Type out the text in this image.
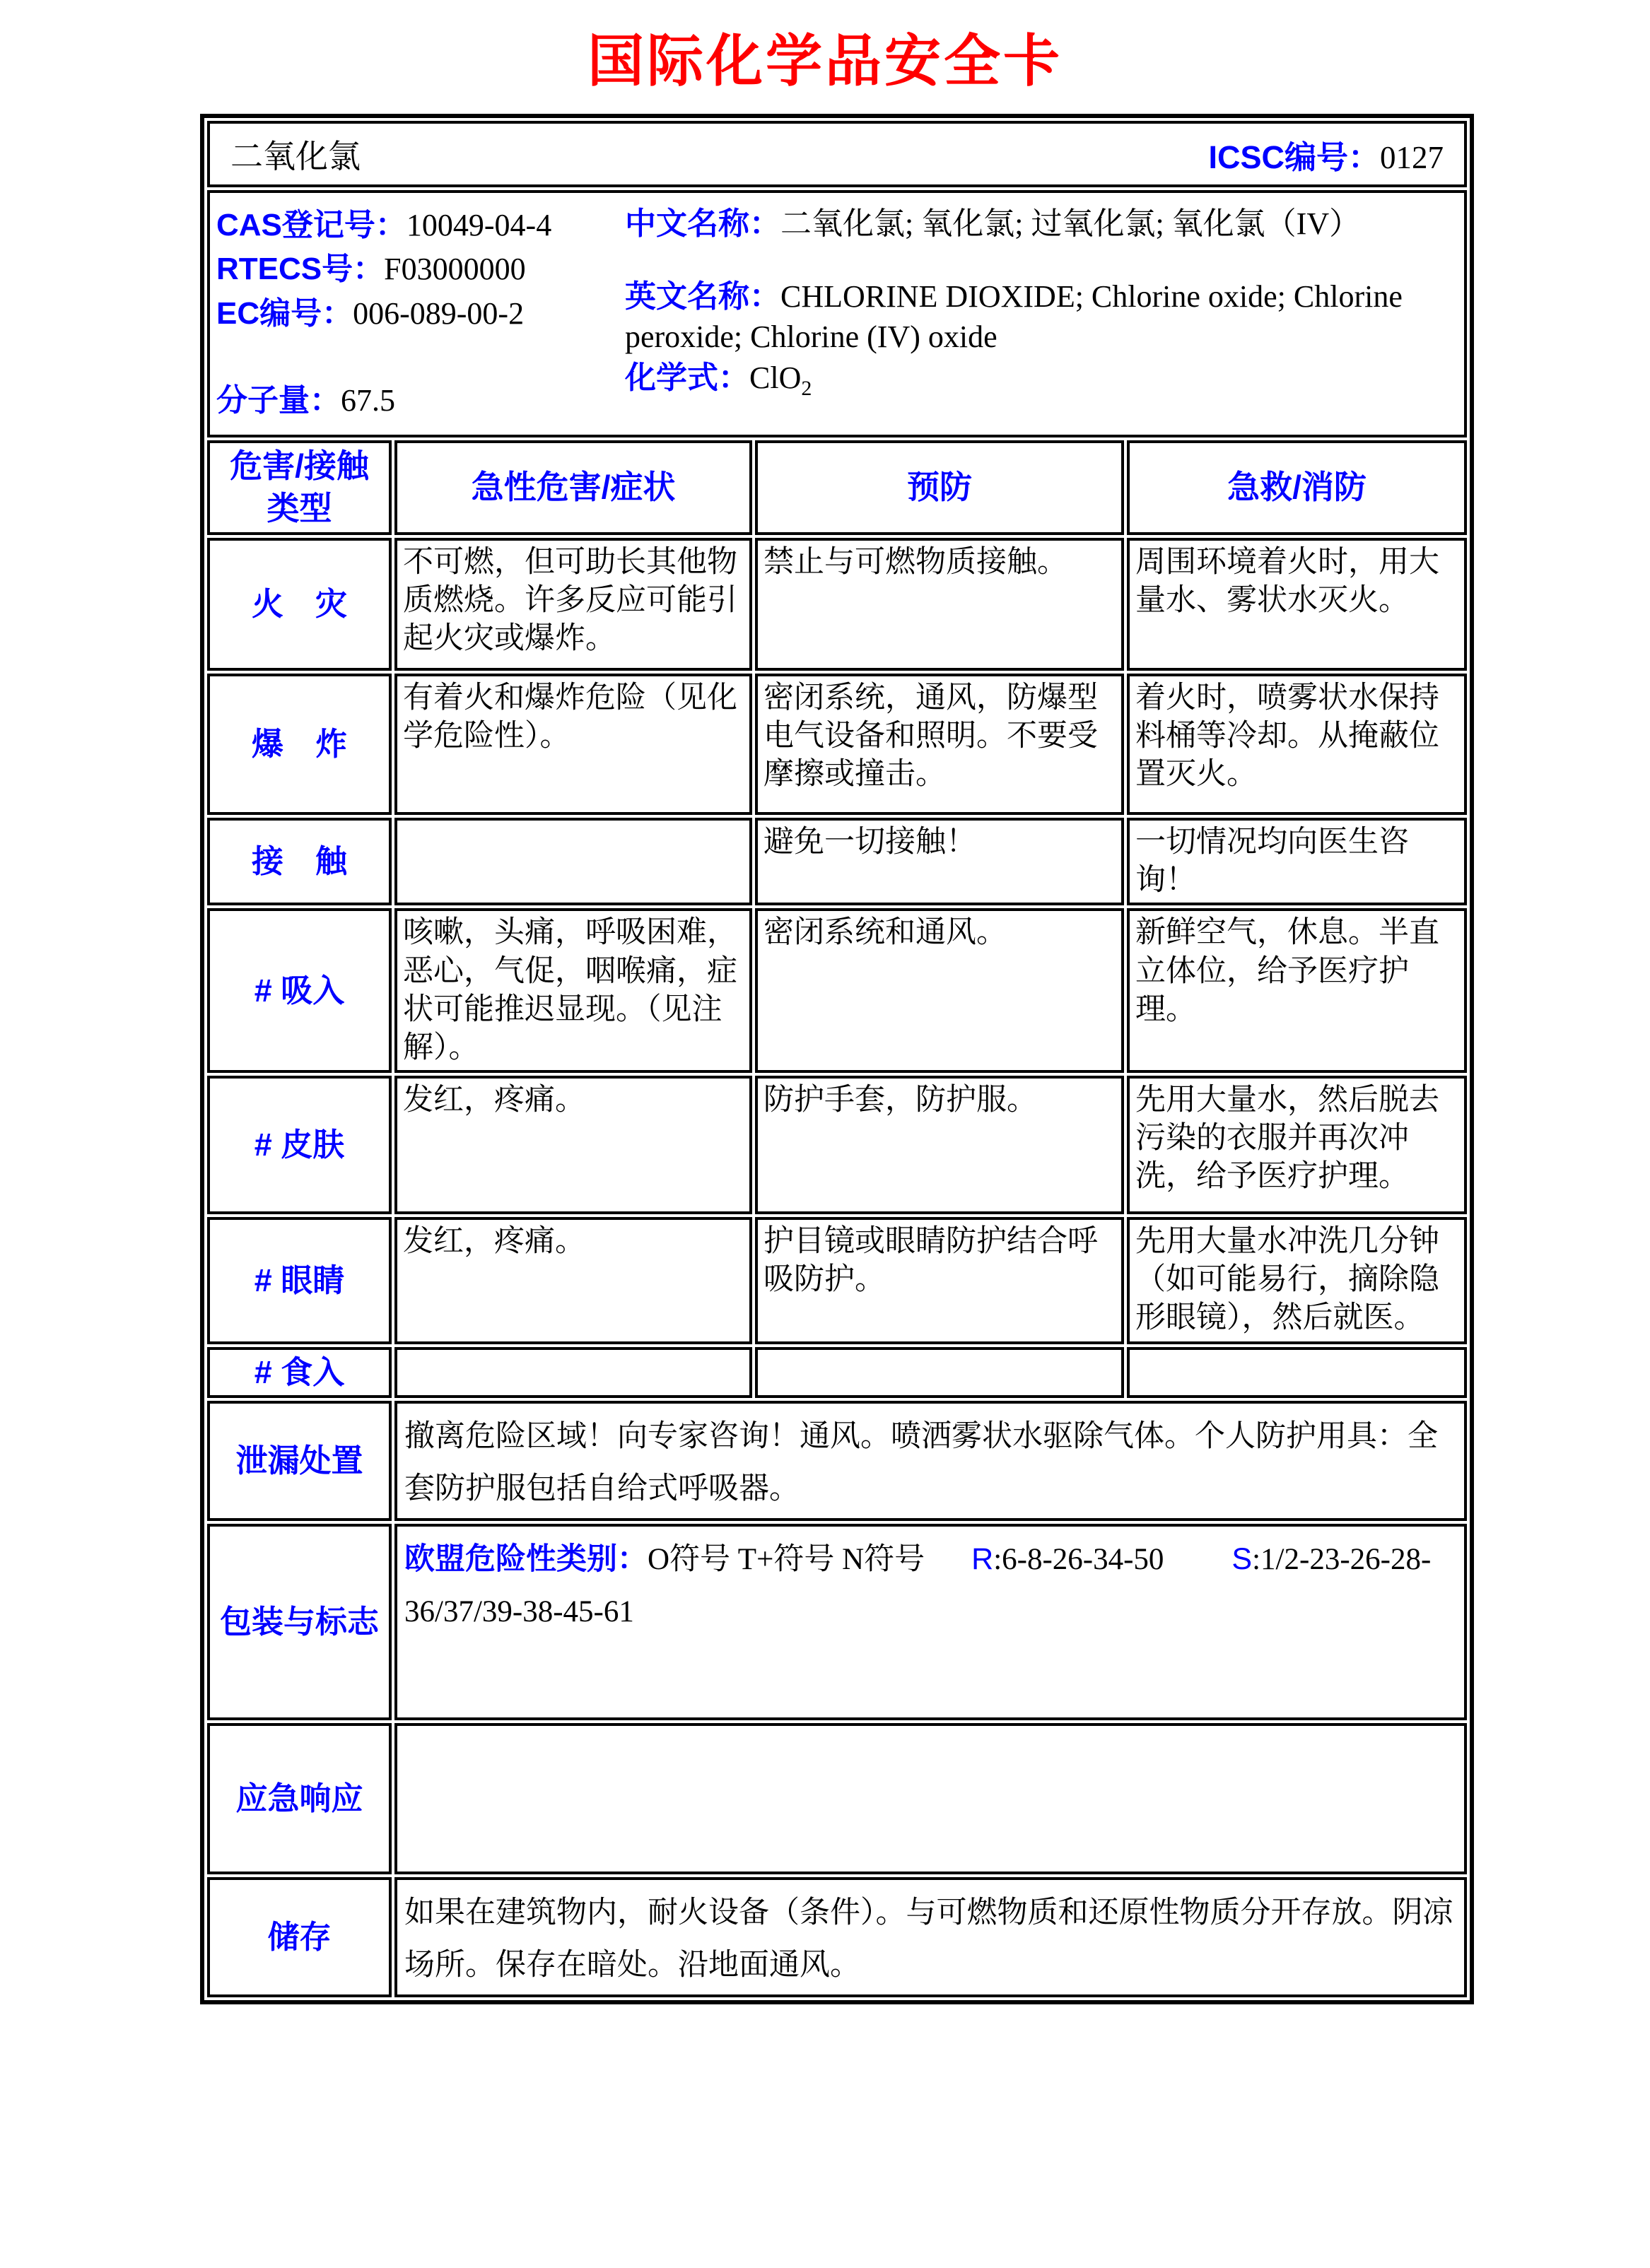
国际化学品安全卡
二氧化氯 ICSC编号：0127			

CAS登记号：10049-04-4
RTECS号：F03000000
EC编号：006-089-00-2
分子量：67.5
中文名称：二氧化氯; 氧化氯; 过氧化氯; 氧化氯（IV）
英文名称：CHLORINE DIOXIDE; Chlorine oxide; Chlorine peroxide; Chlorine (IV) oxide
化学式：ClO$_2$

危害/接触类型	急性危害/症状	预防	急救/消防
火　灾	不可燃，但可助长其他物质燃烧。许多反应可能引起火灾或爆炸。	禁止与可燃物质接触。	周围环境着火时，用大量水、雾状水灭火。
爆　炸	有着火和爆炸危险（见化学危险性）。	密闭系统，通风，防爆型电气设备和照明。不要受摩擦或撞击。	着火时，喷雾状水保持料桶等冷却。从掩蔽位置灭火。
接　触		避免一切接触！	一切情况均向医生咨询！
# 吸入	咳嗽，头痛，呼吸困难，恶心，气促，咽喉痛，症状可能推迟显现。（见注解）。	密闭系统和通风。	新鲜空气，休息。半直立体位，给予医疗护理。
# 皮肤	发红，疼痛。	防护手套，防护服。	先用大量水，然后脱去污染的衣服并再次冲洗，给予医疗护理。
# 眼睛	发红，疼痛。	护目镜或眼睛防护结合呼吸防护。	先用大量水冲洗几分钟（如可能易行，摘除隐形眼镜），然后就医。
# 食入			
泄漏处置	撤离危险区域！向专家咨询！通风。喷洒雾状水驱除气体。个人防护用具：全套防护服包括自给式呼吸器。		
包装与标志	欧盟危险性类别：O符号 T+符号 N符号 R:6-8-26-34-50 S:1/2-23-26-28-36/37/39-38-45-61		
应急响应			
储存	如果在建筑物内，耐火设备（条件）。与可燃物质和还原性物质分开存放。阴凉场所。保存在暗处。沿地面通风。		
